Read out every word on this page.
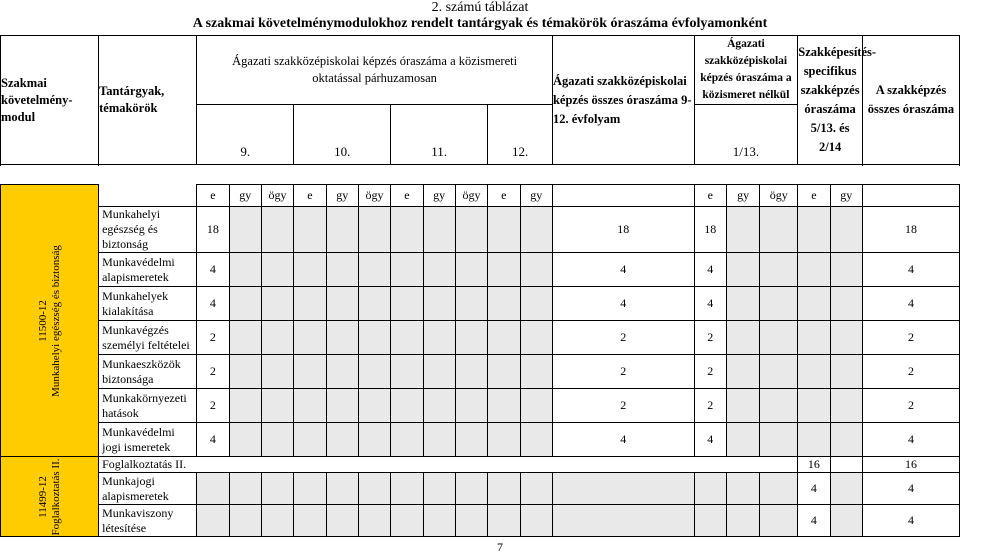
2. számú táblázat
A szakmai követelménymodulokhoz rendelt tantárgyak és témakörök óraszáma évfolyamonként
Szakmai követelmény-modul	Tantárgyak, témakörök	Ágazati szakközépiskolai képzés óraszáma a közismereti oktatással párhuzamosan											Ágazati szakközépiskolai képzés összes óraszáma 9-12. évfolyam	Ágazati szakközépiskolai képzés óraszáma a közismeret nélkül			Szakképesítés-specifikus szakképzés óraszáma 5/13. és 2/14		A szakképzés összes óraszáma
		9.			10.			11.			12.			1/13.					

11500-12 Munkahelyi egészség és biztonság		e	gy	ögy	e	gy	ögy	e	gy	ögy	e	gy		e	gy	ögy	e	gy	
	Munkahelyi egészség és biztonság	18											18	18					18
	Munkavédelmi alapismeretek	4											4	4					4
	Munkahelyek kialakítása	4											4	4					4
	Munkavégzés személyi feltételei	2											2	2					2
	Munkaeszközök biztonsága	2											2	2					2
	Munkakörnyezeti hatások	2											2	2					2
	Munkavédelmi jogi ismeretek	4											4	4					4

11499-12 Foglalkoztatás II.	Foglalkoztatás II.																16		16
	Munkajogi alapismeretek																4		4
	Munkaviszony létesítése																4		4
7
